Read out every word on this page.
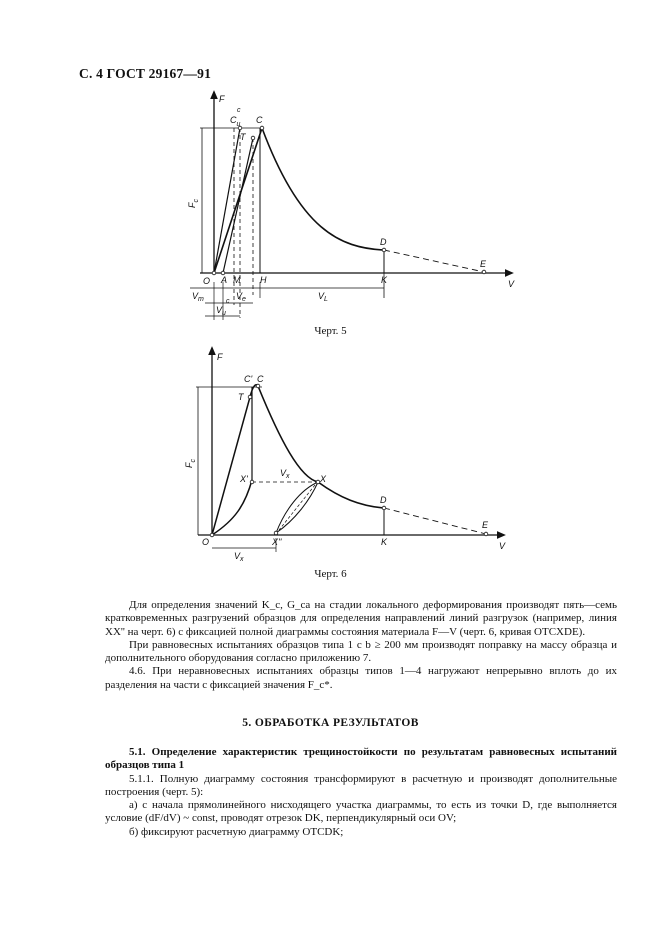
С. 4 ГОСТ 29167—91
F
V
$F_c$
$C_u$
c
C
T
D
E
O A M H	K
$V_e$
$V_m$	$V_L$
$V_u$
c
Черт. 5
F
V
$F_c$
C' C
T
X'	X
$V_x$
X''
D
E
O	K
$V_x$
Черт. 6

Для определения значений K_c, G_ca на стадии локального деформирования производят пять—семь кратковременных разгрузений образцов для определения направлений линий разгрузок (например, линия XX'' на черт. 6) с фиксацией полной диаграммы состояния материала F—V (черт. 6, кривая OTCXDE).

При равновесных испытаниях образцов типа 1 с b ≥ 200 мм производят поправку на массу образца и дополнительного оборудования согласно приложению 7.

4.6. При неравновесных испытаниях образцы типов 1—4 нагружают непрерывно вплоть до их разделения на части с фиксацией значения F_c*.

5. ОБРАБОТКА РЕЗУЛЬТАТОВ

5.1. Определение характеристик трещиностойкости по результатам равновесных испытаний образцов типа 1

5.1.1. Полную диаграмму состояния трансформируют в расчетную и производят дополнительные построения (черт. 5):

а) с начала прямолинейного нисходящего участка диаграммы, то есть из точки D, где выполняется условие (dF/dV) ~ const, проводят отрезок DK, перпендикулярный оси OV;

б) фиксируют расчетную диаграмму OTCDK;
